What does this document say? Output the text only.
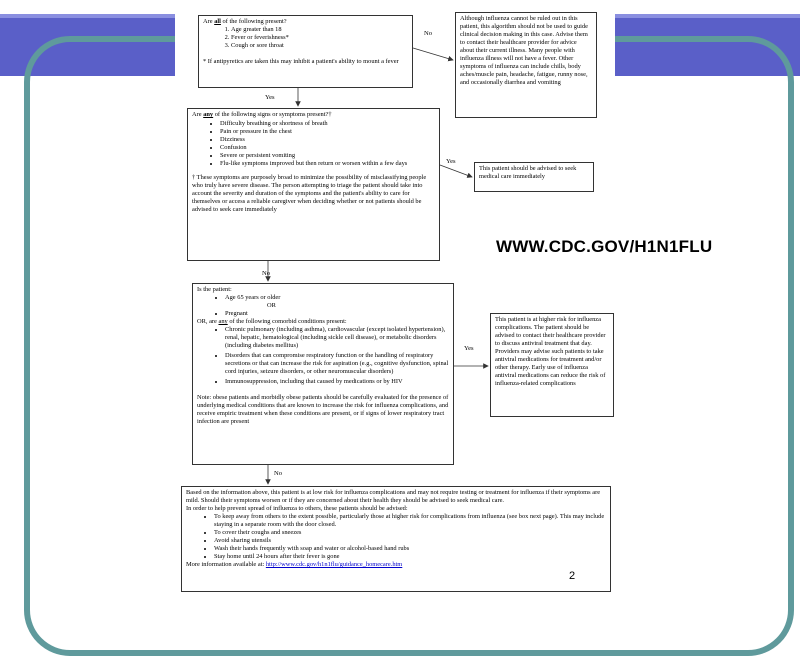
Are all of the following present?
1. Age greater than 18
2. Fever or feverishness*
3. Cough or sore throat
* If antipyretics are taken this may inhibit a patient's ability to mount a fever
Although influenza cannot be ruled out in this patient, this algorithm should not be used to guide clinical decision making in this case. Advise them to contact their healthcare provider for advice about their current illness. Many people with influenza illness will not have a fever. Other symptoms of influenza can include chills, body aches/muscle pain, headache, fatigue, runny nose, and occasionally diarrhea and vomiting
Are any of the following signs or symptoms present?†
• Difficulty breathing or shortness of breath
• Pain or pressure in the chest
• Dizziness
• Confusion
• Severe or persistent vomiting
• Flu-like symptoms improved but then return or worsen within a few days
† These symptoms are purposely broad to minimize the possibility of misclassifying people who truly have severe disease. The person attempting to triage the patient should take into account the severity and duration of the symptoms and the patient's ability to care for themselves or access a reliable caregiver when deciding whether or not patients should be advised to seek care immediately
This patient should be advised to seek medical care immediately
Is the patient:
• Age 65 years or older
OR
• Pregnant
OR, are any of the following comorbid conditions present:
• Chronic pulmonary (including asthma), cardiovascular (except isolated hypertension), renal, hepatic, hematological (including sickle cell disease), or metabolic disorders (including diabetes mellitus)
• Disorders that can compromise respiratory function or the handling of respiratory secretions or that can increase the risk for aspiration (e.g., cognitive dysfunction, spinal cord injuries, seizure disorders, or other neuromuscular disorders)
• Immunosuppression, including that caused by medications or by HIV
Note: obese patients and morbidly obese patients should be carefully evaluated for the presence of underlying medical conditions that are known to increase the risk for influenza complications, and receive empiric treatment when these conditions are present, or if signs of lower respiratory tract infection are present
This patient is at higher risk for influenza complications. The patient should be advised to contact their healthcare provider to discuss antiviral treatment that day. Providers may advise such patients to take antiviral medications for treatment and/or other therapy. Early use of influenza antiviral medications can reduce the risk of influenza-related complications
Based on the information above, this patient is at low risk for influenza complications and may not require testing or treatment for influenza if their symptoms are mild. Should their symptoms worsen or if they are concerned about their health they should be advised to seek medical care.
In order to help prevent spread of influenza to others, these patients should be advised:
• To keep away from others to the extent possible, particularly those at higher risk for complications from influenza (see box next page). This may include staying in a separate room with the door closed.
• To cover their coughs and sneezes
• Avoid sharing utensils
• Wash their hands frequently with soap and water or alcohol-based hand rubs
• Stay home until 24 hours after their fever is gone
More information available at: http://www.cdc.gov/h1n1flu/guidance_homecare.htm
No
Yes
Yes
No
Yes
No
WWW.CDC.GOV/H1N1FLU
2
